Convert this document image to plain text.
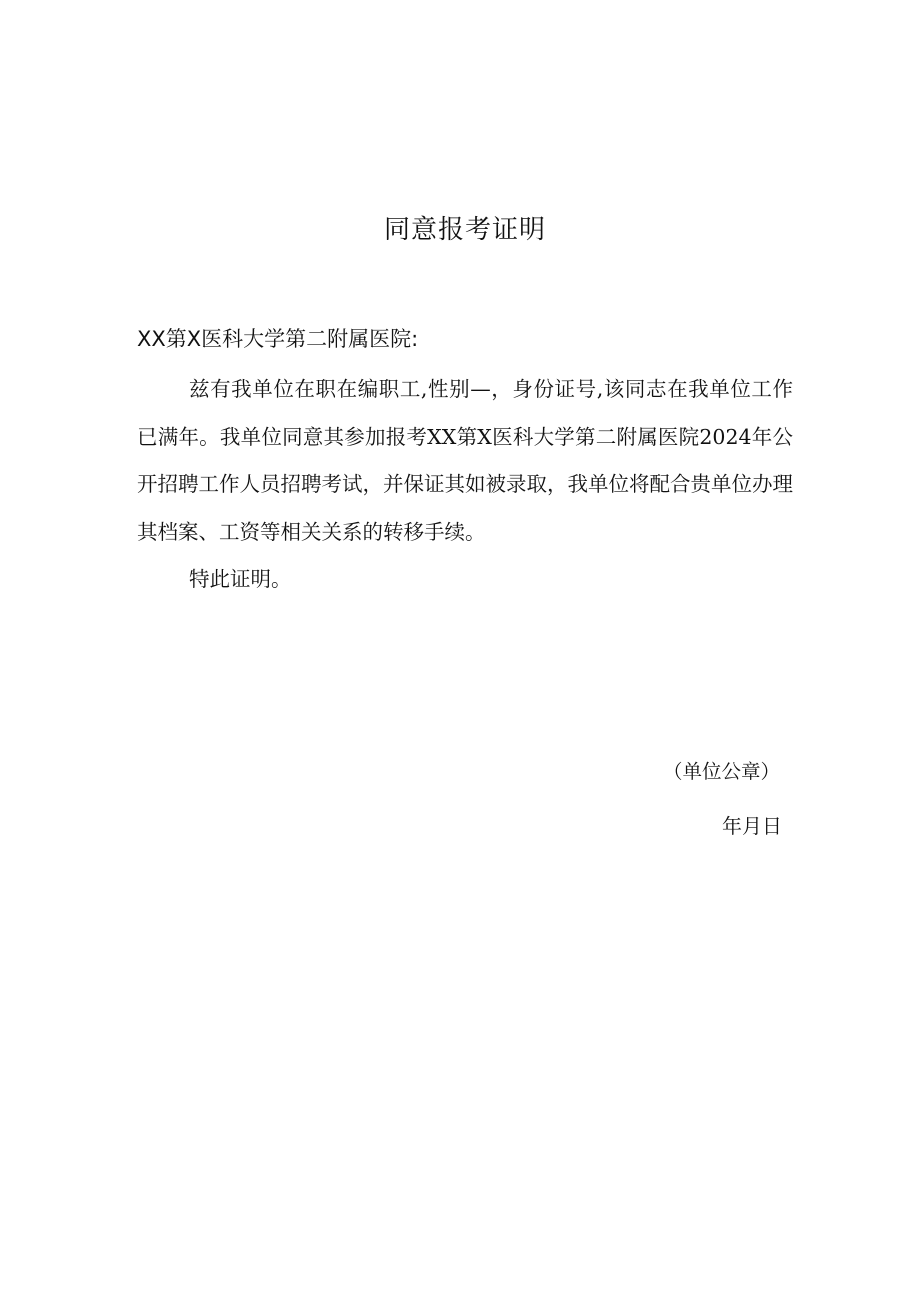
同意报考证明

XX第X医科大学第二附属医院:

兹有我单位在职在编职工,性别—，身份证号,该同志在我单位工作已满年。我单位同意其参加报考XX第X医科大学第二附属医院2024年公开招聘工作人员招聘考试，并保证其如被录取，我单位将配合贵单位办理其档案、工资等相关关系的转移手续。

特此证明。

（单位公章）

年月日
